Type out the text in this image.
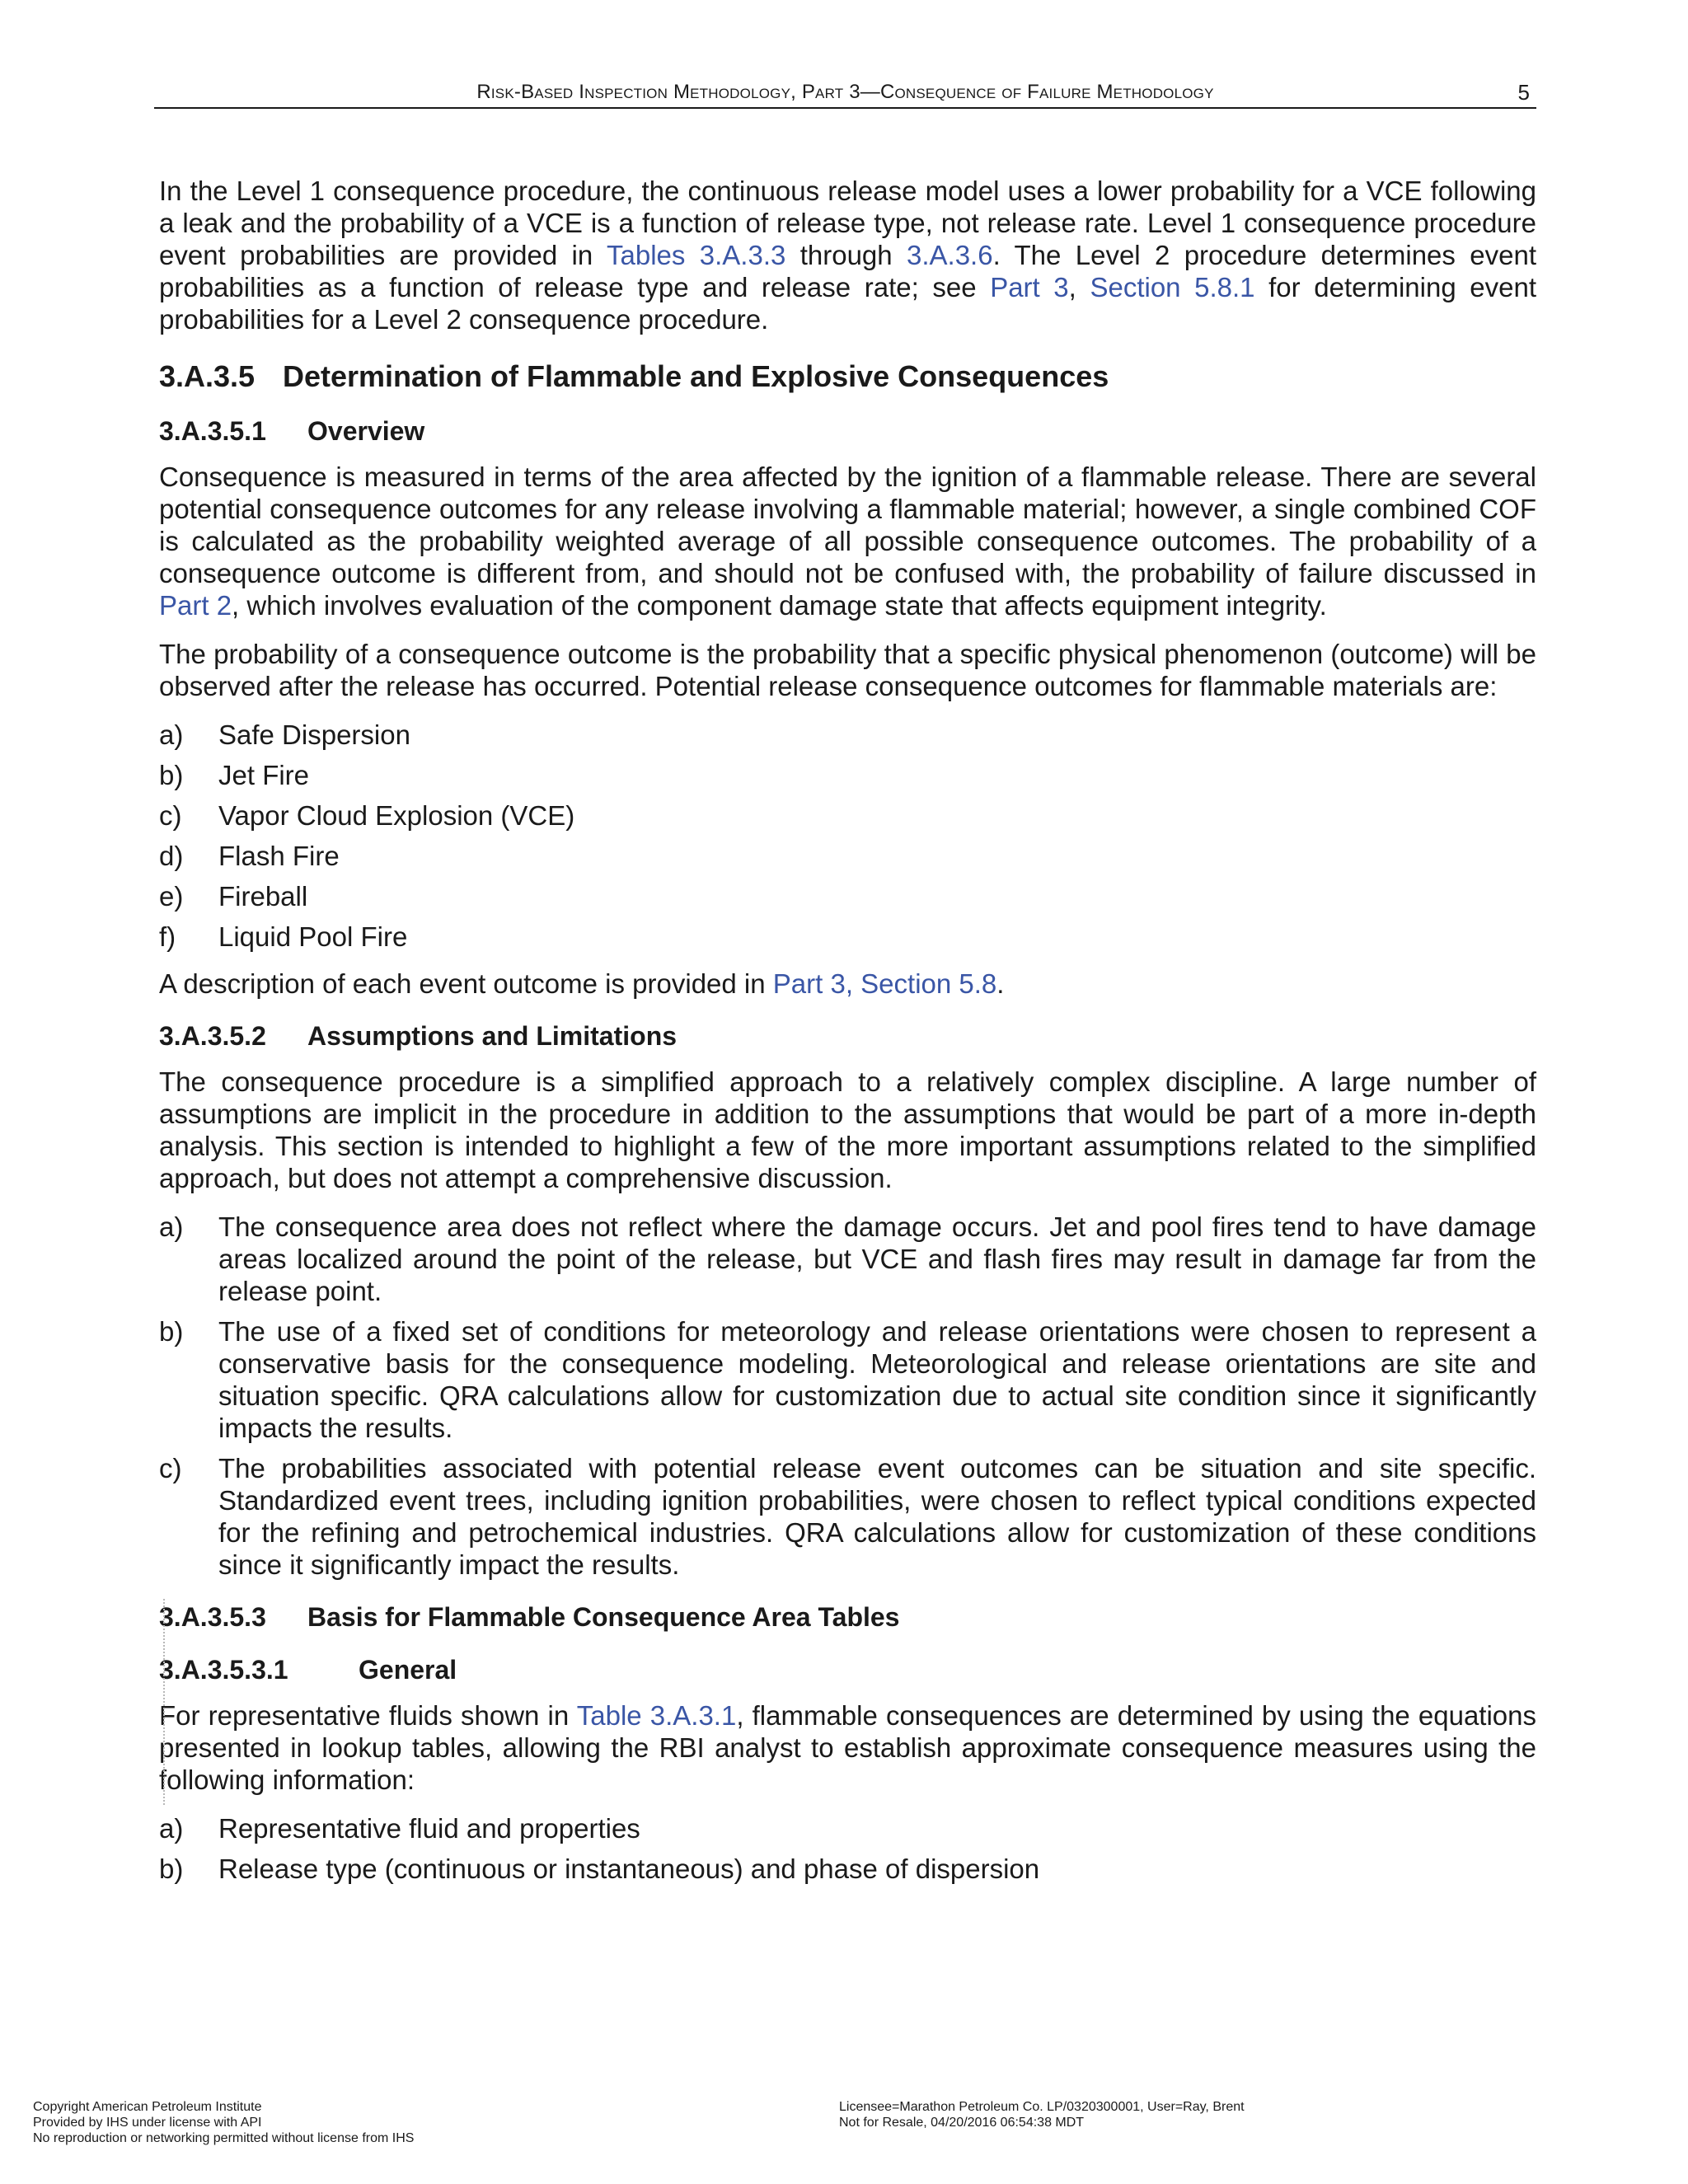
Risk-Based Inspection Methodology, Part 3—Consequence of Failure Methodology	5

In the Level 1 consequence procedure, the continuous release model uses a lower probability for a VCE following a leak and the probability of a VCE is a function of release type, not release rate. Level 1 consequence procedure event probabilities are provided in Tables 3.A.3.3 through 3.A.3.6. The Level 2 procedure determines event probabilities as a function of release type and release rate; see Part 3, Section 5.8.1 for determining event probabilities for a Level 2 consequence procedure.

3.A.3.5 Determination of Flammable and Explosive Consequences
3.A.3.5.1 Overview

Consequence is measured in terms of the area affected by the ignition of a flammable release. There are several potential consequence outcomes for any release involving a flammable material; however, a single combined COF is calculated as the probability weighted average of all possible consequence outcomes. The probability of a consequence outcome is different from, and should not be confused with, the probability of failure discussed in Part 2, which involves evaluation of the component damage state that affects equipment integrity.

The probability of a consequence outcome is the probability that a specific physical phenomenon (outcome) will be observed after the release has occurred. Potential release consequence outcomes for flammable materials are:

a) Safe Dispersion
b) Jet Fire
c) Vapor Cloud Explosion (VCE)
d) Flash Fire
e) Fireball
f) Liquid Pool Fire

A description of each event outcome is provided in Part 3, Section 5.8.

3.A.3.5.2 Assumptions and Limitations

The consequence procedure is a simplified approach to a relatively complex discipline. A large number of assumptions are implicit in the procedure in addition to the assumptions that would be part of a more in-depth analysis. This section is intended to highlight a few of the more important assumptions related to the simplified approach, but does not attempt a comprehensive discussion.

a) The consequence area does not reflect where the damage occurs. Jet and pool fires tend to have damage areas localized around the point of the release, but VCE and flash fires may result in damage far from the release point.
b) The use of a fixed set of conditions for meteorology and release orientations were chosen to represent a conservative basis for the consequence modeling. Meteorological and release orientations are site and situation specific. QRA calculations allow for customization due to actual site condition since it significantly impacts the results.
c) The probabilities associated with potential release event outcomes can be situation and site specific. Standardized event trees, including ignition probabilities, were chosen to reflect typical conditions expected for the refining and petrochemical industries. QRA calculations allow for customization of these conditions since it significantly impact the results.
3.A.3.5.3 Basis for Flammable Consequence Area Tables
3.A.3.5.3.1	General

For representative fluids shown in Table 3.A.3.1, flammable consequences are determined by using the equations presented in lookup tables, allowing the RBI analyst to establish approximate consequence measures using the following information:

a) Representative fluid and properties
b) Release type (continuous or instantaneous) and phase of dispersion
Copyright American Petroleum Institute
Provided by IHS under license with API
No reproduction or networking permitted without license from IHS
Licensee=Marathon Petroleum Co. LP/0320300001, User=Ray, Brent
Not for Resale, 04/20/2016 06:54:38 MDT
